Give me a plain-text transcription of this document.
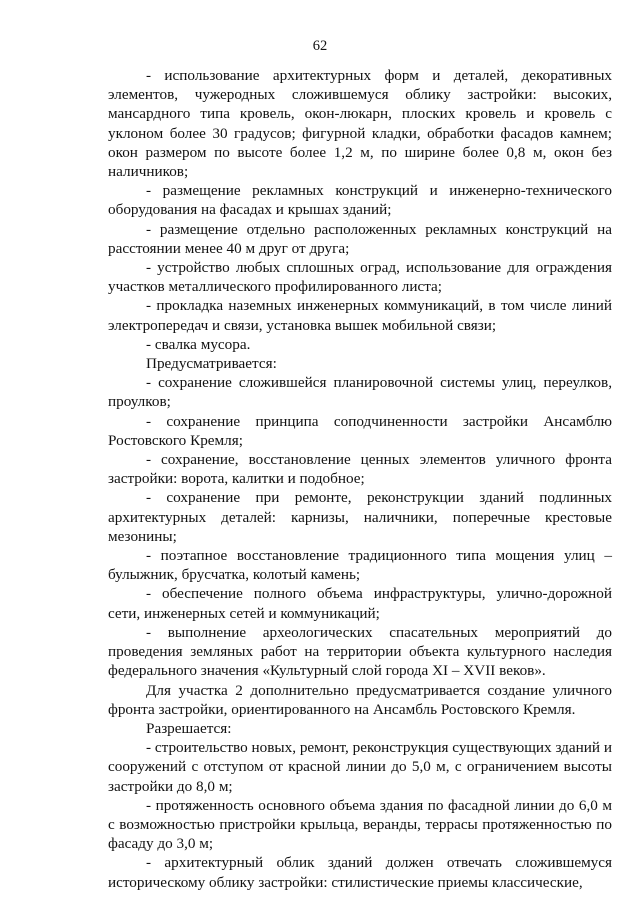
62

- использование архитектурных форм и деталей, декоративных элементов, чужеродных сложившемуся облику застройки: высоких, мансардного типа кровель, окон-люкарн, плоских кровель и кровель с уклоном более 30 градусов; фигурной кладки, обработки фасадов камнем; окон размером по высоте более 1,2 м, по ширине более 0,8 м, окон без наличников;

- размещение рекламных конструкций и инженерно-технического оборудования на фасадах и крышах зданий;

- размещение отдельно расположенных рекламных конструкций на расстоянии менее 40 м друг от друга;

- устройство любых сплошных оград, использование для ограждения участков металлического профилированного листа;

- прокладка наземных инженерных коммуникаций, в том числе линий электропередач и связи, установка вышек мобильной связи;

- свалка мусора.

Предусматривается:

- сохранение сложившейся планировочной системы улиц, переулков, проулков;

- сохранение принципа соподчиненности застройки Ансамблю Ростовского Кремля;

- сохранение, восстановление ценных элементов уличного фронта застройки: ворота, калитки и подобное;

- сохранение при ремонте, реконструкции зданий подлинных архитектурных деталей: карнизы, наличники, поперечные крестовые мезонины;

- поэтапное восстановление традиционного типа мощения улиц – булыжник, брусчатка, колотый камень;

- обеспечение полного объема инфраструктуры, улично-дорожной сети, инженерных сетей и коммуникаций;

- выполнение археологических спасательных мероприятий до проведения земляных работ на территории объекта культурного наследия федерального значения «Культурный слой города XI – XVII веков».

Для участка 2 дополнительно предусматривается создание уличного фронта застройки, ориентированного на Ансамбль Ростовского Кремля.

Разрешается:

- строительство новых, ремонт, реконструкция существующих зданий и сооружений с отступом от красной линии до 5,0 м, с ограничением высоты застройки до 8,0 м;

- протяженность основного объема здания по фасадной линии до 6,0 м с возможностью пристройки крыльца, веранды, террасы протяженностью по фасаду до 3,0 м;

- архитектурный облик зданий должен отвечать сложившемуся историческому облику застройки: стилистические приемы классические,
